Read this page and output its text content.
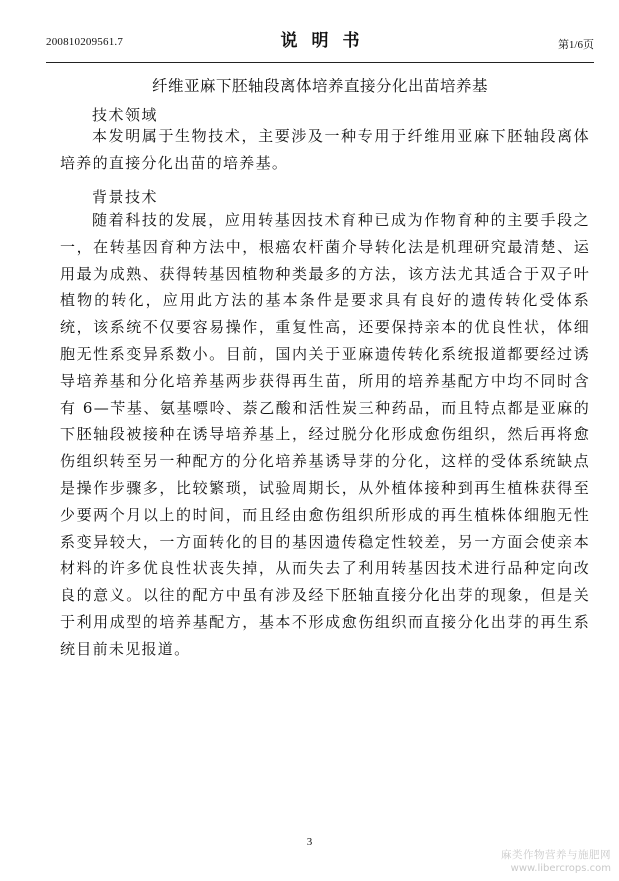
200810209561.7	说明书	第1/6页
纤维亚麻下胚轴段离体培养直接分化出苗培养基
技术领域

本发明属于生物技术，主要涉及一种专用于纤维用亚麻下胚轴段离体培养的直接分化出苗的培养基。

背景技术

随着科技的发展，应用转基因技术育种已成为作物育种的主要手段之一，在转基因育种方法中，根癌农杆菌介导转化法是机理研究最清楚、运用最为成熟、获得转基因植物种类最多的方法，该方法尤其适合于双子叶植物的转化，应用此方法的基本条件是要求具有良好的遗传转化受体系统，该系统不仅要容易操作，重复性高，还要保持亲本的优良性状，体细胞无性系变异系数小。目前，国内关于亚麻遗传转化系统报道都要经过诱导培养基和分化培养基两步获得再生苗，所用的培养基配方中均不同时含有 6—苄基、氨基嘌呤、萘乙酸和活性炭三种药品，而且特点都是亚麻的下胚轴段被接种在诱导培养基上，经过脱分化形成愈伤组织，然后再将愈伤组织转至另一种配方的分化培养基诱导芽的分化，这样的受体系统缺点是操作步骤多，比较繁琐，试验周期长，从外植体接种到再生植株获得至少要两个月以上的时间，而且经由愈伤组织所形成的再生植株体细胞无性系变异较大，一方面转化的目的基因遗传稳定性较差，另一方面会使亲本材料的许多优良性状丧失掉，从而失去了利用转基因技术进行品种定向改良的意义。以往的配方中虽有涉及经下胚轴直接分化出芽的现象，但是关于利用成型的培养基配方，基本不形成愈伤组织而直接分化出芽的再生系统目前未见报道。

3
麻类作物营养与施肥网
www.libercrops.com
